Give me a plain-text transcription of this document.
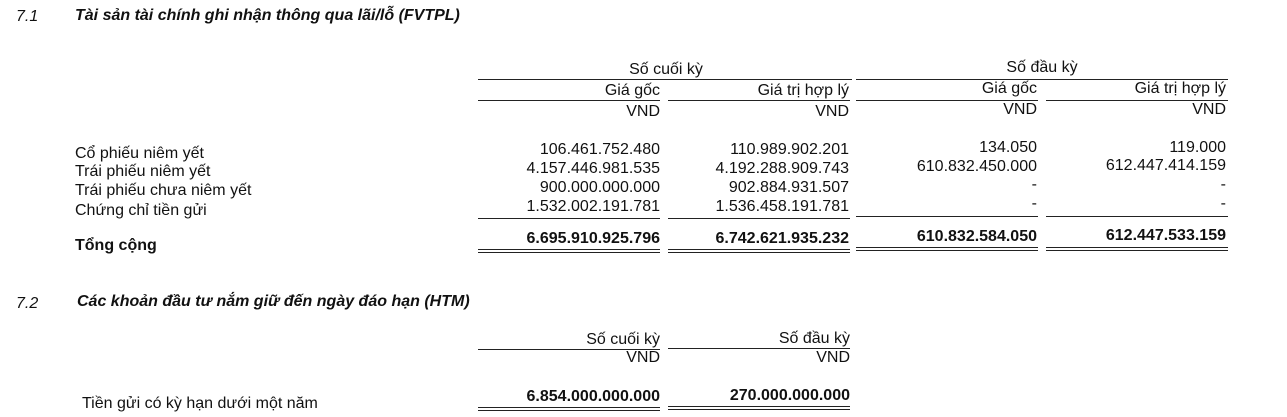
7.1 Tài sản tài chính ghi nhận thông qua lãi/lỗ (FVTPL)
Số cuối kỳ	Số đầu kỳ
Giá gốc	Giá trị hợp lý	Giá gốc	Giá trị hợp lý
VND	VND	VND	VND
Cổ phiếu niêm yết	106.461.752.480	110.989.902.201	134.050	119.000
Trái phiếu niêm yết	4.157.446.981.535	4.192.288.909.743	610.832.450.000	612.447.414.159
Trái phiếu chưa niêm yết	900.000.000.000	902.884.931.507	-	-
Chứng chỉ tiền gửi	1.532.002.191.781	1.536.458.191.781	-	-
Tổng cộng	6.695.910.925.796	6.742.621.935.232	610.832.584.050	612.447.533.159
7.2 Các khoản đầu tư nắm giữ đến ngày đáo hạn (HTM)
Số cuối kỳ	Số đầu kỳ
VND	VND
Tiền gửi có kỳ hạn dưới một năm	6.854.000.000.000	270.000.000.000
